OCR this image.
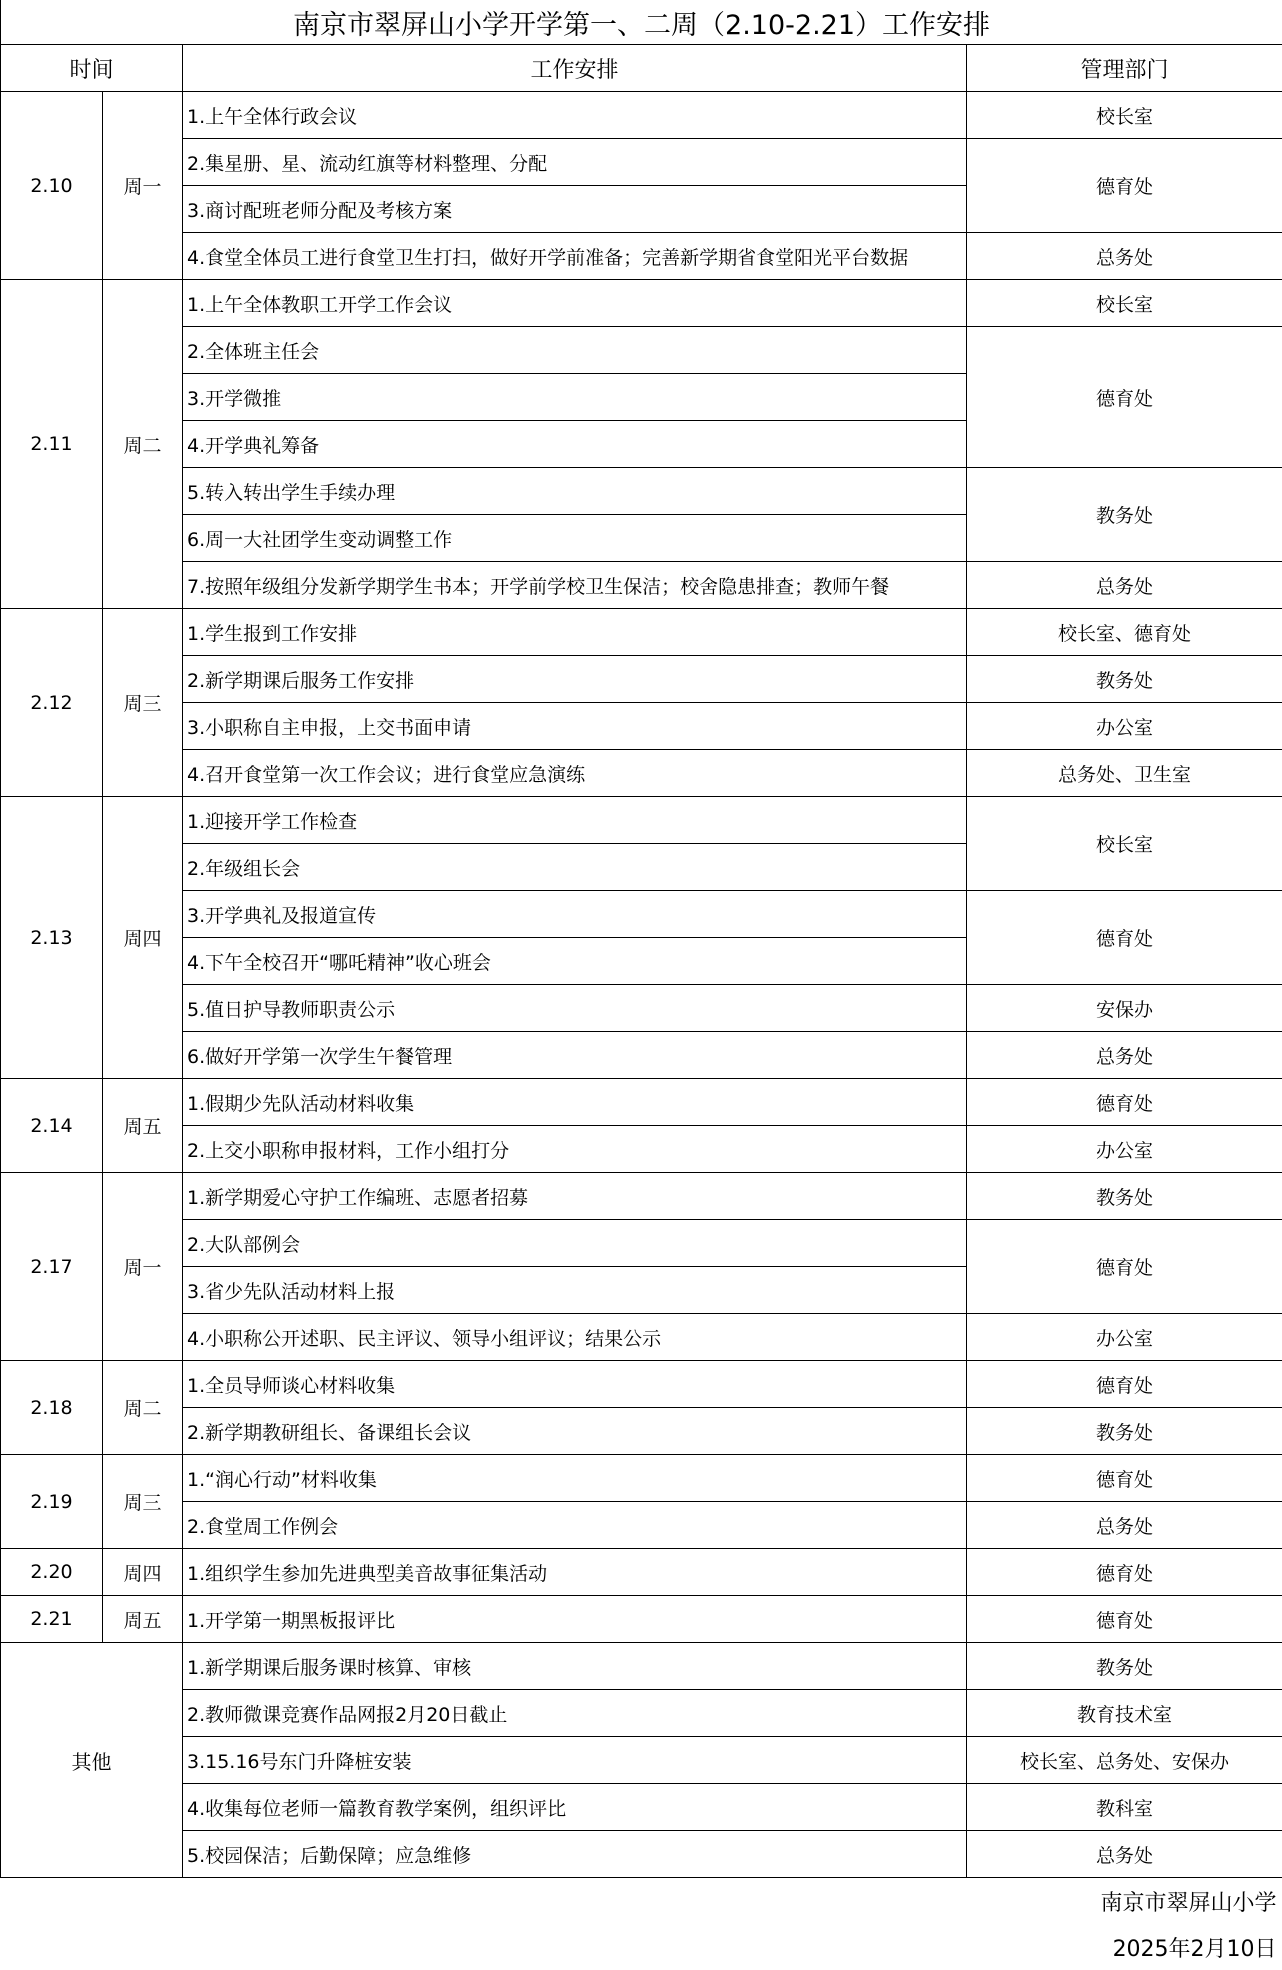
南京市翠屏山小学开学第一、二周（2.10-2.21）工作安排			
时间		工作安排	管理部门
2.10	周一	1.上午全体行政会议	校长室
		2.集星册、星、流动红旗等材料整理、分配	德育处
		3.商讨配班老师分配及考核方案	
		4.食堂全体员工进行食堂卫生打扫，做好开学前准备；完善新学期省食堂阳光平台数据	总务处
2.11	周二	1.上午全体教职工开学工作会议	校长室
		2.全体班主任会	德育处
		3.开学微推	
		4.开学典礼筹备	
		5.转入转出学生手续办理	教务处
		6.周一大社团学生变动调整工作	
		7.按照年级组分发新学期学生书本；开学前学校卫生保洁；校舍隐患排查；教师午餐	总务处
2.12	周三	1.学生报到工作安排	校长室、德育处
		2.新学期课后服务工作安排	教务处
		3.小职称自主申报，上交书面申请	办公室
		4.召开食堂第一次工作会议；进行食堂应急演练	总务处、卫生室
2.13	周四	1.迎接开学工作检查	校长室
		2.年级组长会	
		3.开学典礼及报道宣传	德育处
		4.下午全校召开“哪吒精神”收心班会	
		5.值日护导教师职责公示	安保办
		6.做好开学第一次学生午餐管理	总务处
2.14	周五	1.假期少先队活动材料收集	德育处
		2.上交小职称申报材料，工作小组打分	办公室
2.17	周一	1.新学期爱心守护工作编班、志愿者招募	教务处
		2.大队部例会	德育处
		3.省少先队活动材料上报	
		4.小职称公开述职、民主评议、领导小组评议；结果公示	办公室
2.18	周二	1.全员导师谈心材料收集	德育处
		2.新学期教研组长、备课组长会议	教务处
2.19	周三	1.“润心行动”材料收集	德育处
		2.食堂周工作例会	总务处
2.20	周四	1.组织学生参加先进典型美音故事征集活动	德育处
2.21	周五	1.开学第一期黑板报评比	德育处
其他		1.新学期课后服务课时核算、审核	教务处
		2.教师微课竞赛作品网报2月20日截止	教育技术室
		3.15.16号东门升降桩安装	校长室、总务处、安保办
		4.收集每位老师一篇教育教学案例，组织评比	教科室
		5.校园保洁；后勤保障；应急维修	总务处
南京市翠屏山小学			
2025年2月10日			
